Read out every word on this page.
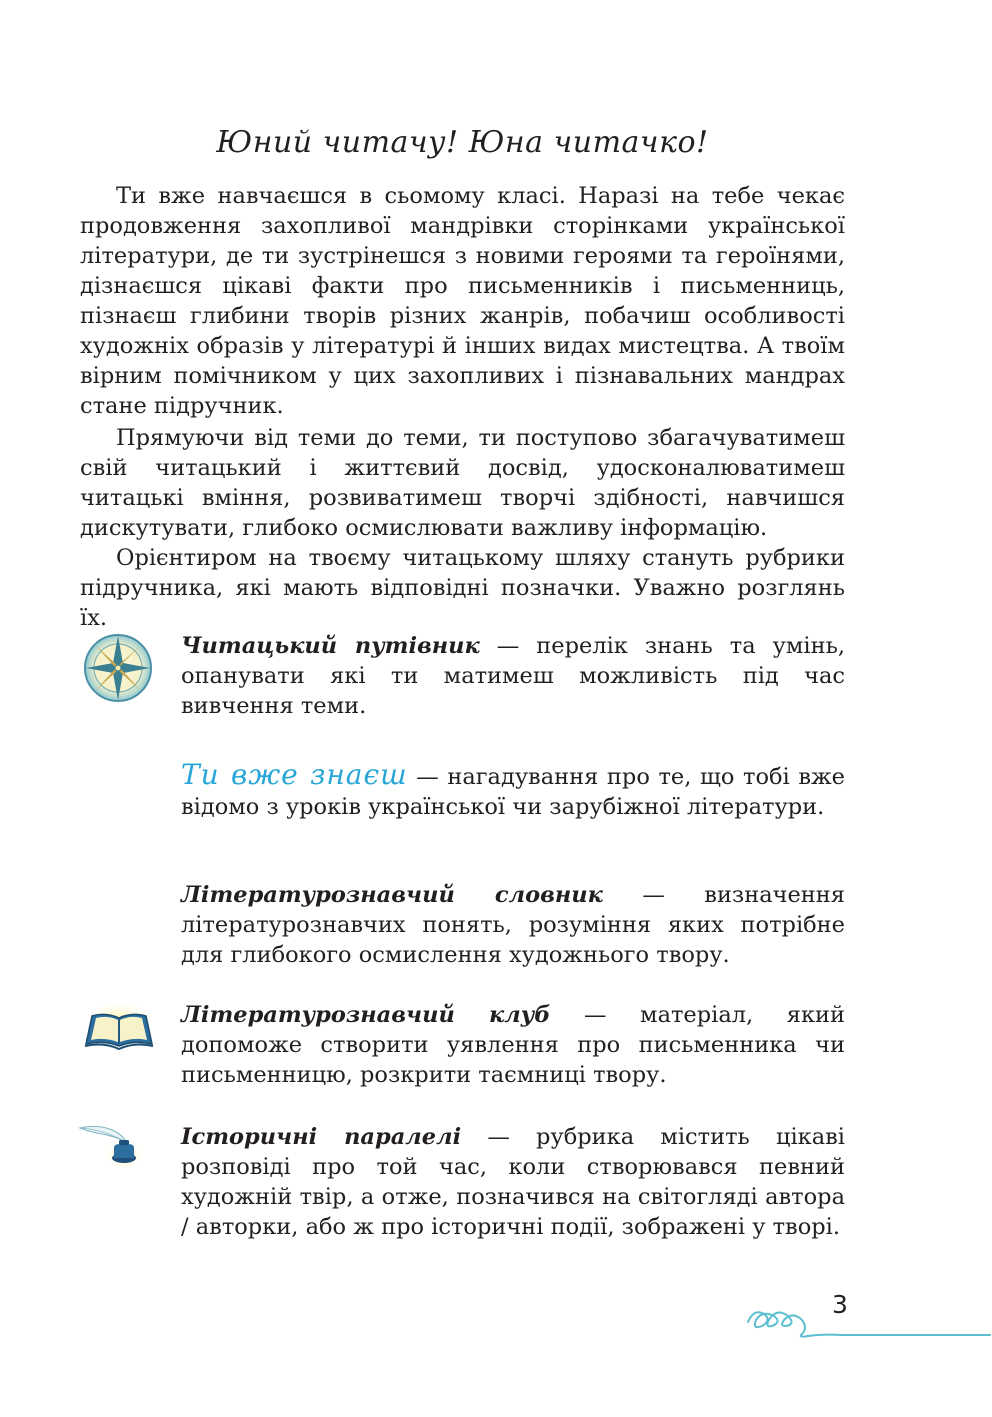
Юний читачу! Юна читачко!

Ти вже навчаєшся в сьомому класі. Наразі на тебе чекає продовження захопливої мандрівки сторінками української літератури, де ти зустрінешся з новими героями та героїнями, дізнаєшся цікаві факти про письменників і письменниць, пізнаєш глибини творів різних жанрів, побачиш особливості художніх образів у літературі й інших видах мистецтва. А твоїм вірним помічником у цих захопливих і пізнавальних мандрах стане підручник.

Прямуючи від теми до теми, ти поступово збагачуватимеш свій читацький і життєвий досвід, удосконалюватимеш читацькі вміння, розвиватимеш творчі здібності, навчишся дискутувати, глибоко осмислювати важливу інформацію.

Орієнтиром на твоєму читацькому шляху стануть рубрики підручника, які мають відповідні позначки. Уважно розглянь їх.

Читацький путівник — перелік знань та умінь, опанувати які ти матимеш можливість під час вивчення теми.

Ти вже знаєш — нагадування про те, що тобі вже відомо з уроків української чи зарубіжної літератури.

Літературознавчий словник — визначення літературознавчих понять, розуміння яких потрібне для глибокого осмислення художнього твору.

Літературознавчий клуб — матеріал, який допоможе створити уявлення про письменника чи письменницю, розкрити таємниці твору.

Історичні паралелі — рубрика містить цікаві розповіді про той час, коли створювався певний художній твір, а отже, позначився на світогляді автора / авторки, або ж про історичні події, зображені у творі.

3
